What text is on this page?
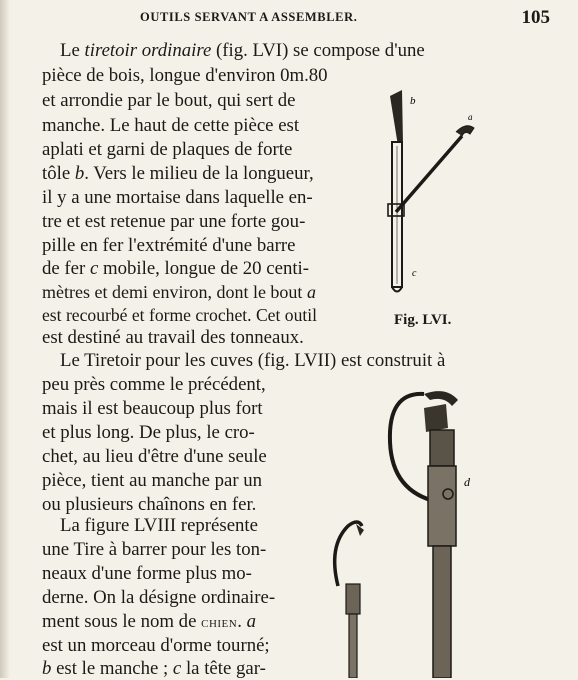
OUTILS SERVANT A ASSEMBLER.	105
Le tiretoir ordinaire (fig. LVI) se compose d'une
pièce de bois, longue d'environ 0m.80
et arrondie par le bout, qui sert de
manche. Le haut de cette pièce est
aplati et garni de plaques de forte
tôle b. Vers le milieu de la longueur,
il y a une mortaise dans laquelle en-
tre et est retenue par une forte gou-
pille en fer l'extrémité d'une barre
de fer c mobile, longue de 20 centi-
mètres et demi environ, dont le bout a
est recourbé et forme crochet. Cet outil
est destiné au travail des tonneaux.
b
a
c
Fig. LVI.
Le Tiretoir pour les cuves (fig. LVII) est construit à
peu près comme le précédent,
mais il est beaucoup plus fort
et plus long. De plus, le cro-
chet, au lieu d'être d'une seule
pièce, tient au manche par un
ou plusieurs chaînons en fer.
d
La figure LVIII représente
une Tire à barrer pour les ton-
neaux d'une forme plus mo-
derne. On la désigne ordinaire-
ment sous le nom de chien. a
est un morceau d'orme tourné;
b est le manche ; c la tête gar-
